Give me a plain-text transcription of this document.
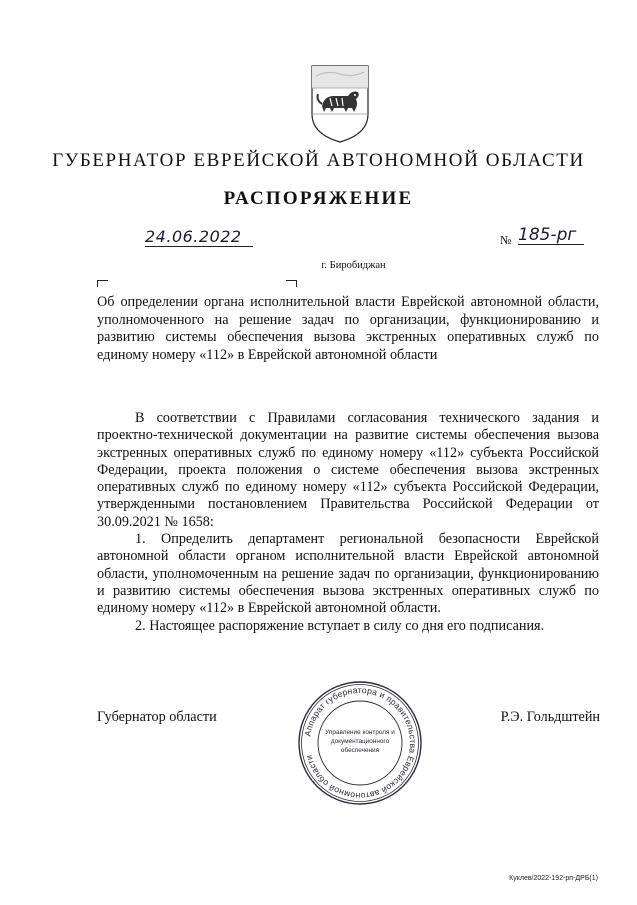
ГУБЕРНАТОР ЕВРЕЙСКОЙ АВТОНОМНОЙ ОБЛАСТИ
РАСПОРЯЖЕНИЕ
24.06.2022	№ 185-рг
г. Биробиджан
Об определении органа исполнительной власти Еврейской автономной области, уполномоченного на решение задач по организации, функционированию и развитию системы обеспечения вызова экстренных оперативных служб по единому номеру «112» в Еврейской автономной области

В соответствии с Правилами согласования технического задания и проектно-технической документации на развитие системы обеспечения вызова экстренных оперативных служб по единому номеру «112» субъекта Российской Федерации, проекта положения о системе обеспечения вызова экстренных оперативных служб по единому номеру «112» субъекта Российской Федерации, утвержденными постановлением Правительства Российской Федерации от 30.09.2021 № 1658:

1. Определить департамент региональной безопасности Еврейской автономной области органом исполнительной власти Еврейской автономной области, уполномоченным на решение задач по организации, функционированию и развитию системы обеспечения вызова экстренных оперативных служб по единому номеру «112» в Еврейской автономной области.

2. Настоящее распоряжение вступает в силу со дня его подписания.

Губернатор области	Р.Э. Гольдштейн
Аппарат губернатора и правительства Еврейской автономной области
Управление контроля и
документационного
обеспечения
Куклев/2022-192-рп-ДРБ(1)
